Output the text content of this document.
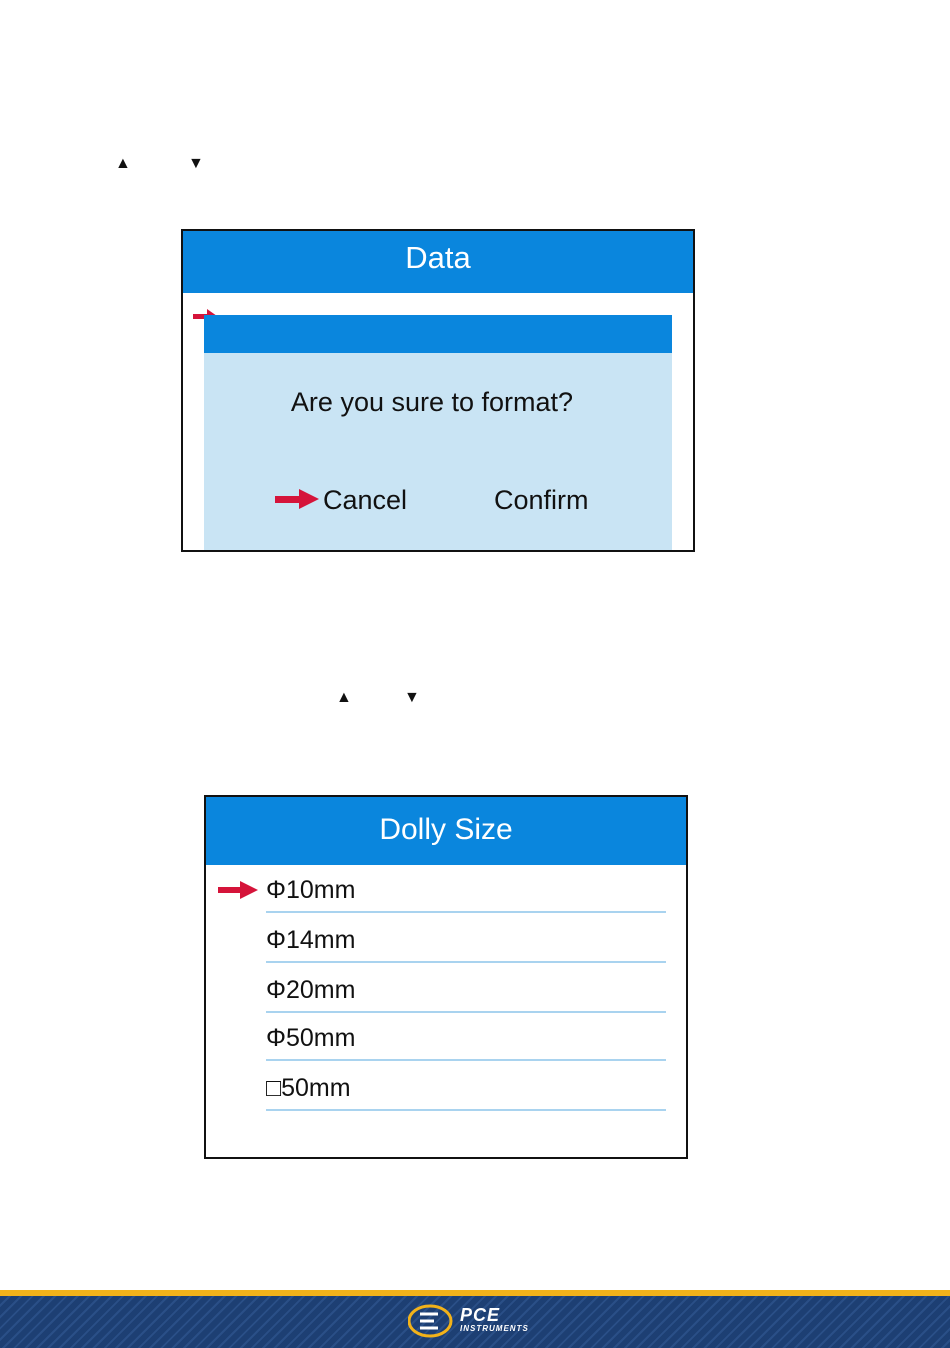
▲	▼
Data
Are you sure to format?
Cancel	Confirm
▲	▼
Dolly Size
Φ10mm
Φ14mm
Φ20mm
Φ50mm
□50mm
PCE
INSTRUMENTS
